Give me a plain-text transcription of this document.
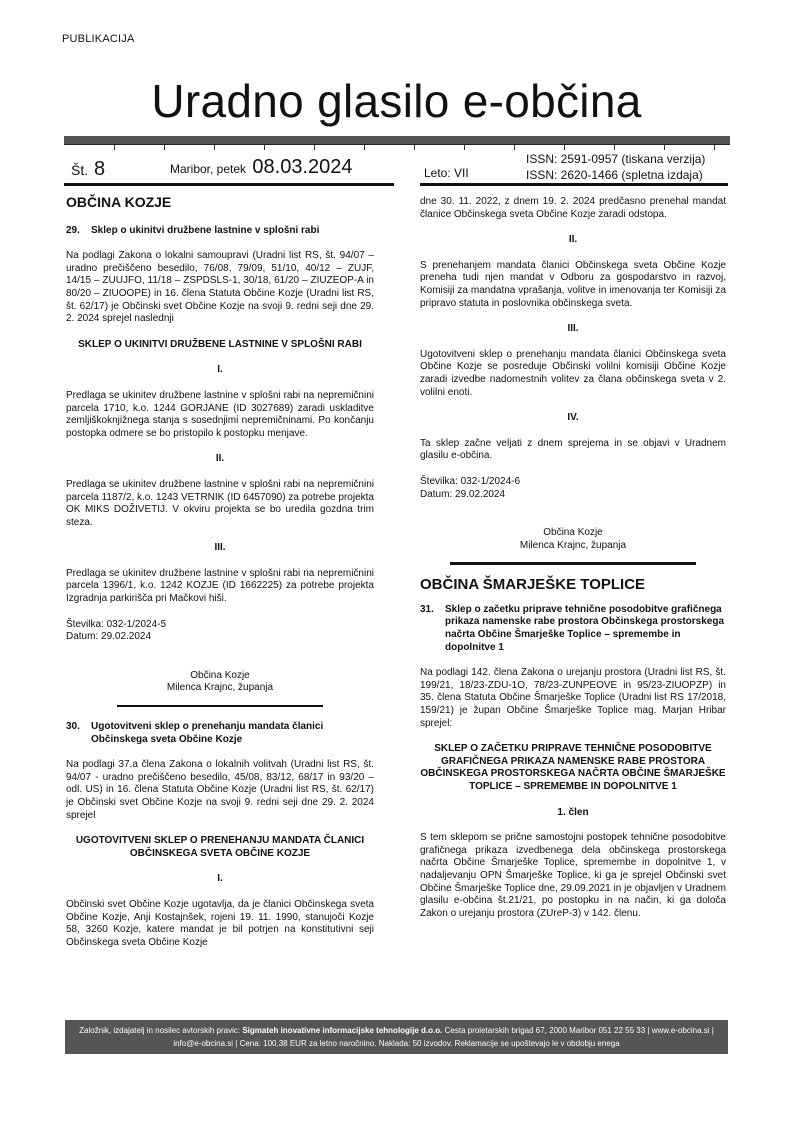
PUBLIKACIJA
Uradno glasilo e-občina
Št. 8	Maribor, petek 08.03.2024	Leto: VII
ISSN: 2591-0957 (tiskana verzija)
ISSN: 2620-1466 (spletna izdaja)

OBČINA KOZJE

29.	Sklep o ukinitvi družbene lastnine v splošni rabi

Na podlagi Zakona o lokalni samoupravi (Uradni list RS, št. 94/07 – uradno prečiščeno besedilo, 76/08, 79/09, 51/10, 40/12 – ZUJF, 14/15 – ZUUJFO, 11/18 – ZSPDSLS-1, 30/18, 61/20 – ZIUZEOP-A in 80/20 – ZIUOOPE) in 16. člena Statuta Občine Kozje (Uradni list RS, št. 62/17) je Občinski svet Občine Kozje na svoji 9. redni seji dne 29. 2. 2024 sprejel naslednji

SKLEP O UKINITVI DRUŽBENE LASTNINE V SPLOŠNI RABI
I.

Predlaga se ukinitev družbene lastnine v splošni rabi na nepremičnini parcela 1710, k.o. 1244 GORJANE (ID 3027689) zaradi uskladitve zemljiškoknjižnega stanja s sosednjimi nepremičninami. Po končanju postopka odmere se bo pristopilo k postopku menjave.

II.

Predlaga se ukinitev družbene lastnine v splošni rabi na nepremičnini parcela 1187/2, k.o. 1243 VETRNIK (ID 6457090) za potrebe projekta OK MIKS DOŽIVETIJ. V okviru projekta se bo uredila gozdna trim steza.

III.

Predlaga se ukinitev družbene lastnine v splošni rabi na nepremičnini parcela 1396/1, k.o. 1242 KOZJE (ID 1662225) za potrebe projekta Izgradnja parkirišča pri Mačkovi hiši.

Številka: 032-1/2024-5
Datum: 29.02.2024
Občina Kozje
Milenca Krajnc, županja
30.	Ugotovitveni sklep o prenehanju mandata članici Občinskega sveta Občine Kozje

Na podlagi 37.a člena Zakona o lokalnih volitvah (Uradni list RS, št. 94/07 - uradno prečiščeno besedilo, 45/08, 83/12, 68/17 in 93/20 – odl. US) in 16. člena Statuta Občine Kozje (Uradni list RS, št. 62/17) je Občinski svet Občine Kozje na svoji 9. redni seji dne 29. 2. 2024 sprejel

UGOTOVITVENI SKLEP O PRENEHANJU MANDATA ČLANICI OBČINSKEGA SVETA OBČINE KOZJE
I.

Občinski svet Občine Kozje ugotavlja, da je članici Občinskega sveta Občine Kozje, Anji Kostajnšek, rojeni 19. 11. 1990, stanujoči Kozje 58, 3260 Kozje, katere mandat je bil potrjen na konstitutivni seji Občinskega sveta Občine Kozje

dne 30. 11. 2022, z dnem 19. 2. 2024 predčasno prenehal mandat članice Občinskega sveta Občine Kozje zaradi odstopa.

II.

S prenehanjem mandata članici Občinskega sveta Občine Kozje preneha tudi njen mandat v Odboru za gospodarstvo in razvoj, Komisiji za mandatna vprašanja, volitve in imenovanja ter Komisiji za pripravo statuta in poslovnika občinskega sveta.

III.

Ugotovitveni sklep o prenehanju mandata članici Občinskega sveta Občine Kozje se posreduje Občinski volilni komisiji Občine Kozje zaradi izvedbe nadomestnih volitev za člana občinskega sveta v 2. volilni enoti.

IV.

Ta sklep začne veljati z dnem sprejema in se objavi v Uradnem glasilu e-občina.

Številka: 032-1/2024-6
Datum: 29.02.2024
Občina Kozje
Milenca Krajnc, županja

OBČINA ŠMARJEŠKE TOPLICE

31.	Sklep o začetku priprave tehnične posodobitve grafičnega prikaza namenske rabe prostora Občinskega prostorskega načrta Občine Šmarješke Toplice – spremembe in dopolnitve 1

Na podlagi 142. člena Zakona o urejanju prostora (Uradni list RS, št. 199/21, 18/23-ZDU-1O, 78/23-ZUNPEOVE in 95/23-ZIUOPZP) in 35. člena Statuta Občine Šmarješke Toplice (Uradni list RS 17/2018, 159/21) je župan Občine Šmarješke Toplice mag. Marjan Hribar sprejel:

SKLEP O ZAČETKU PRIPRAVE TEHNIČNE POSODOBITVE GRAFIČNEGA PRIKAZA NAMENSKE RABE PROSTORA OBČINSKEGA PROSTORSKEGA NAČRTA OBČINE ŠMARJEŠKE TOPLICE – SPREMEMBE IN DOPOLNITVE 1
1. člen

S tem sklepom se prične samostojni postopek tehnične posodobitve grafičnega prikaza izvedbenega dela občinskega prostorskega načrta Občine Šmarješke Toplice, spremembe in dopolnitve 1, v nadaljevanju OPN Šmarješke Toplice, ki ga je sprejel Občinski svet Občine Šmarješke Toplice dne, 29.09.2021 in je objavljen v Uradnem glasilu e-občina št.21/21, po postopku in na način, ki ga določa Zakon o urejanju prostora (ZUreP-3) v 142. členu.

Založnik, izdajatelj in nosilec avtorskih pravic: Sigmateh inovativne informacijske tehnologije d.o.o. Cesta proletarskih brigad 67, 2000 Maribor 051 22 55 33 | www.e-obcina.si | info@e-obcina.si | Cena: 100,38 EUR za letno naročnino. Naklada: 50 izvodov. Reklamacije se upoštevajo le v obdobju enega
